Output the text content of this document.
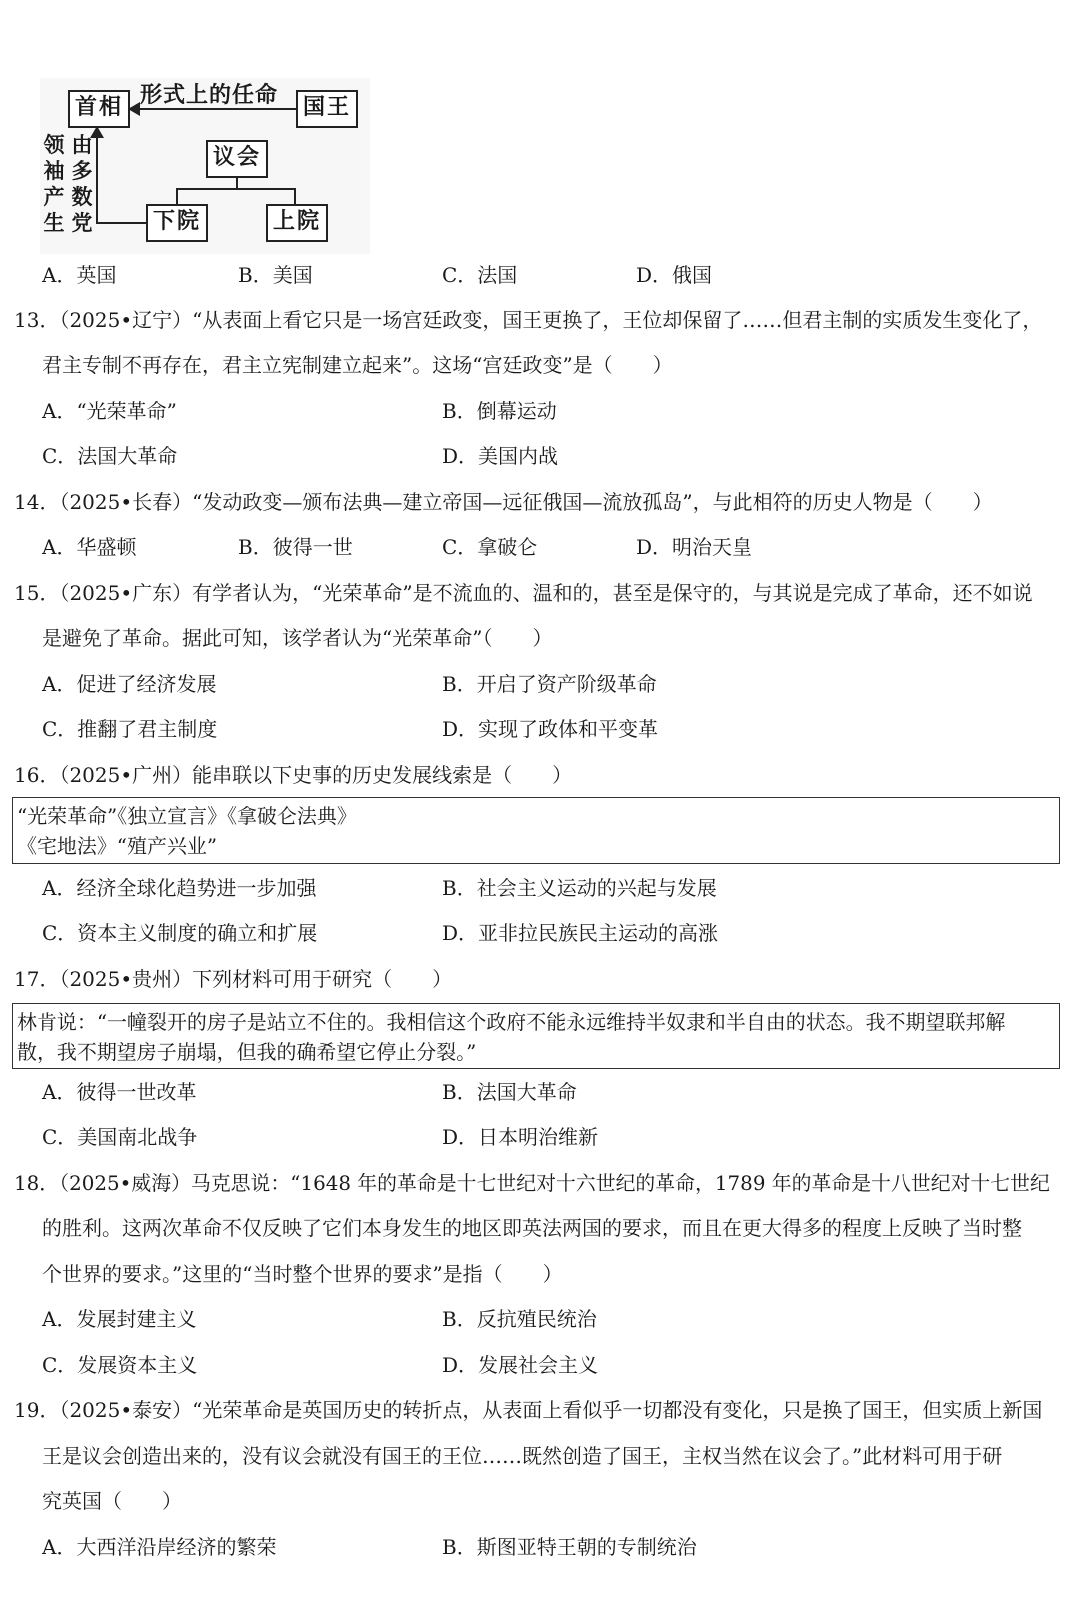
首相	国王
形式上的任命
议会
下院	上院
领袖产生
由多数党
A．英国	B．美国	C．法国	D．俄国
13．（2025•辽宁）“从表面上看它只是一场宫廷政变，国王更换了，王位却保留了……但君主制的实质发生变化了，
君主专制不再存在，君主立宪制建立起来”。这场“宫廷政变”是（　　）
A．“光荣革命”	B．倒幕运动
C．法国大革命	D．美国内战
14．（2025•长春）“发动政变—颁布法典—建立帝国—远征俄国—流放孤岛”，与此相符的历史人物是（　　）
A．华盛顿	B．彼得一世	C．拿破仑	D．明治天皇
15．（2025•广东）有学者认为，“光荣革命”是不流血的、温和的，甚至是保守的，与其说是完成了革命，还不如说
是避免了革命。据此可知，该学者认为“光荣革命”（　　）
A．促进了经济发展	B．开启了资产阶级革命
C．推翻了君主制度	D．实现了政体和平变革
16．（2025•广州）能串联以下史事的历史发展线索是（　　）
“光荣革命”《独立宣言》《拿破仑法典》
《宅地法》“殖产兴业”
A．经济全球化趋势进一步加强	B．社会主义运动的兴起与发展
C．资本主义制度的确立和扩展	D．亚非拉民族民主运动的高涨
17．（2025•贵州）下列材料可用于研究（　　）
林肯说：“一幢裂开的房子是站立不住的。我相信这个政府不能永远维持半奴隶和半自由的状态。我不期望联邦解
散，我不期望房子崩塌，但我的确希望它停止分裂。”
A．彼得一世改革	B．法国大革命
C．美国南北战争	D．日本明治维新
18．（2025•威海）马克思说：“1648 年的革命是十七世纪对十六世纪的革命，1789 年的革命是十八世纪对十七世纪
的胜利。这两次革命不仅反映了它们本身发生的地区即英法两国的要求，而且在更大得多的程度上反映了当时整
个世界的要求。”这里的“当时整个世界的要求”是指（　　）
A．发展封建主义	B．反抗殖民统治
C．发展资本主义	D．发展社会主义
19．（2025•泰安）“光荣革命是英国历史的转折点，从表面上看似乎一切都没有变化，只是换了国王，但实质上新国
王是议会创造出来的，没有议会就没有国王的王位……既然创造了国王，主权当然在议会了。”此材料可用于研
究英国（　　）
A．大西洋沿岸经济的繁荣	B．斯图亚特王朝的专制统治
